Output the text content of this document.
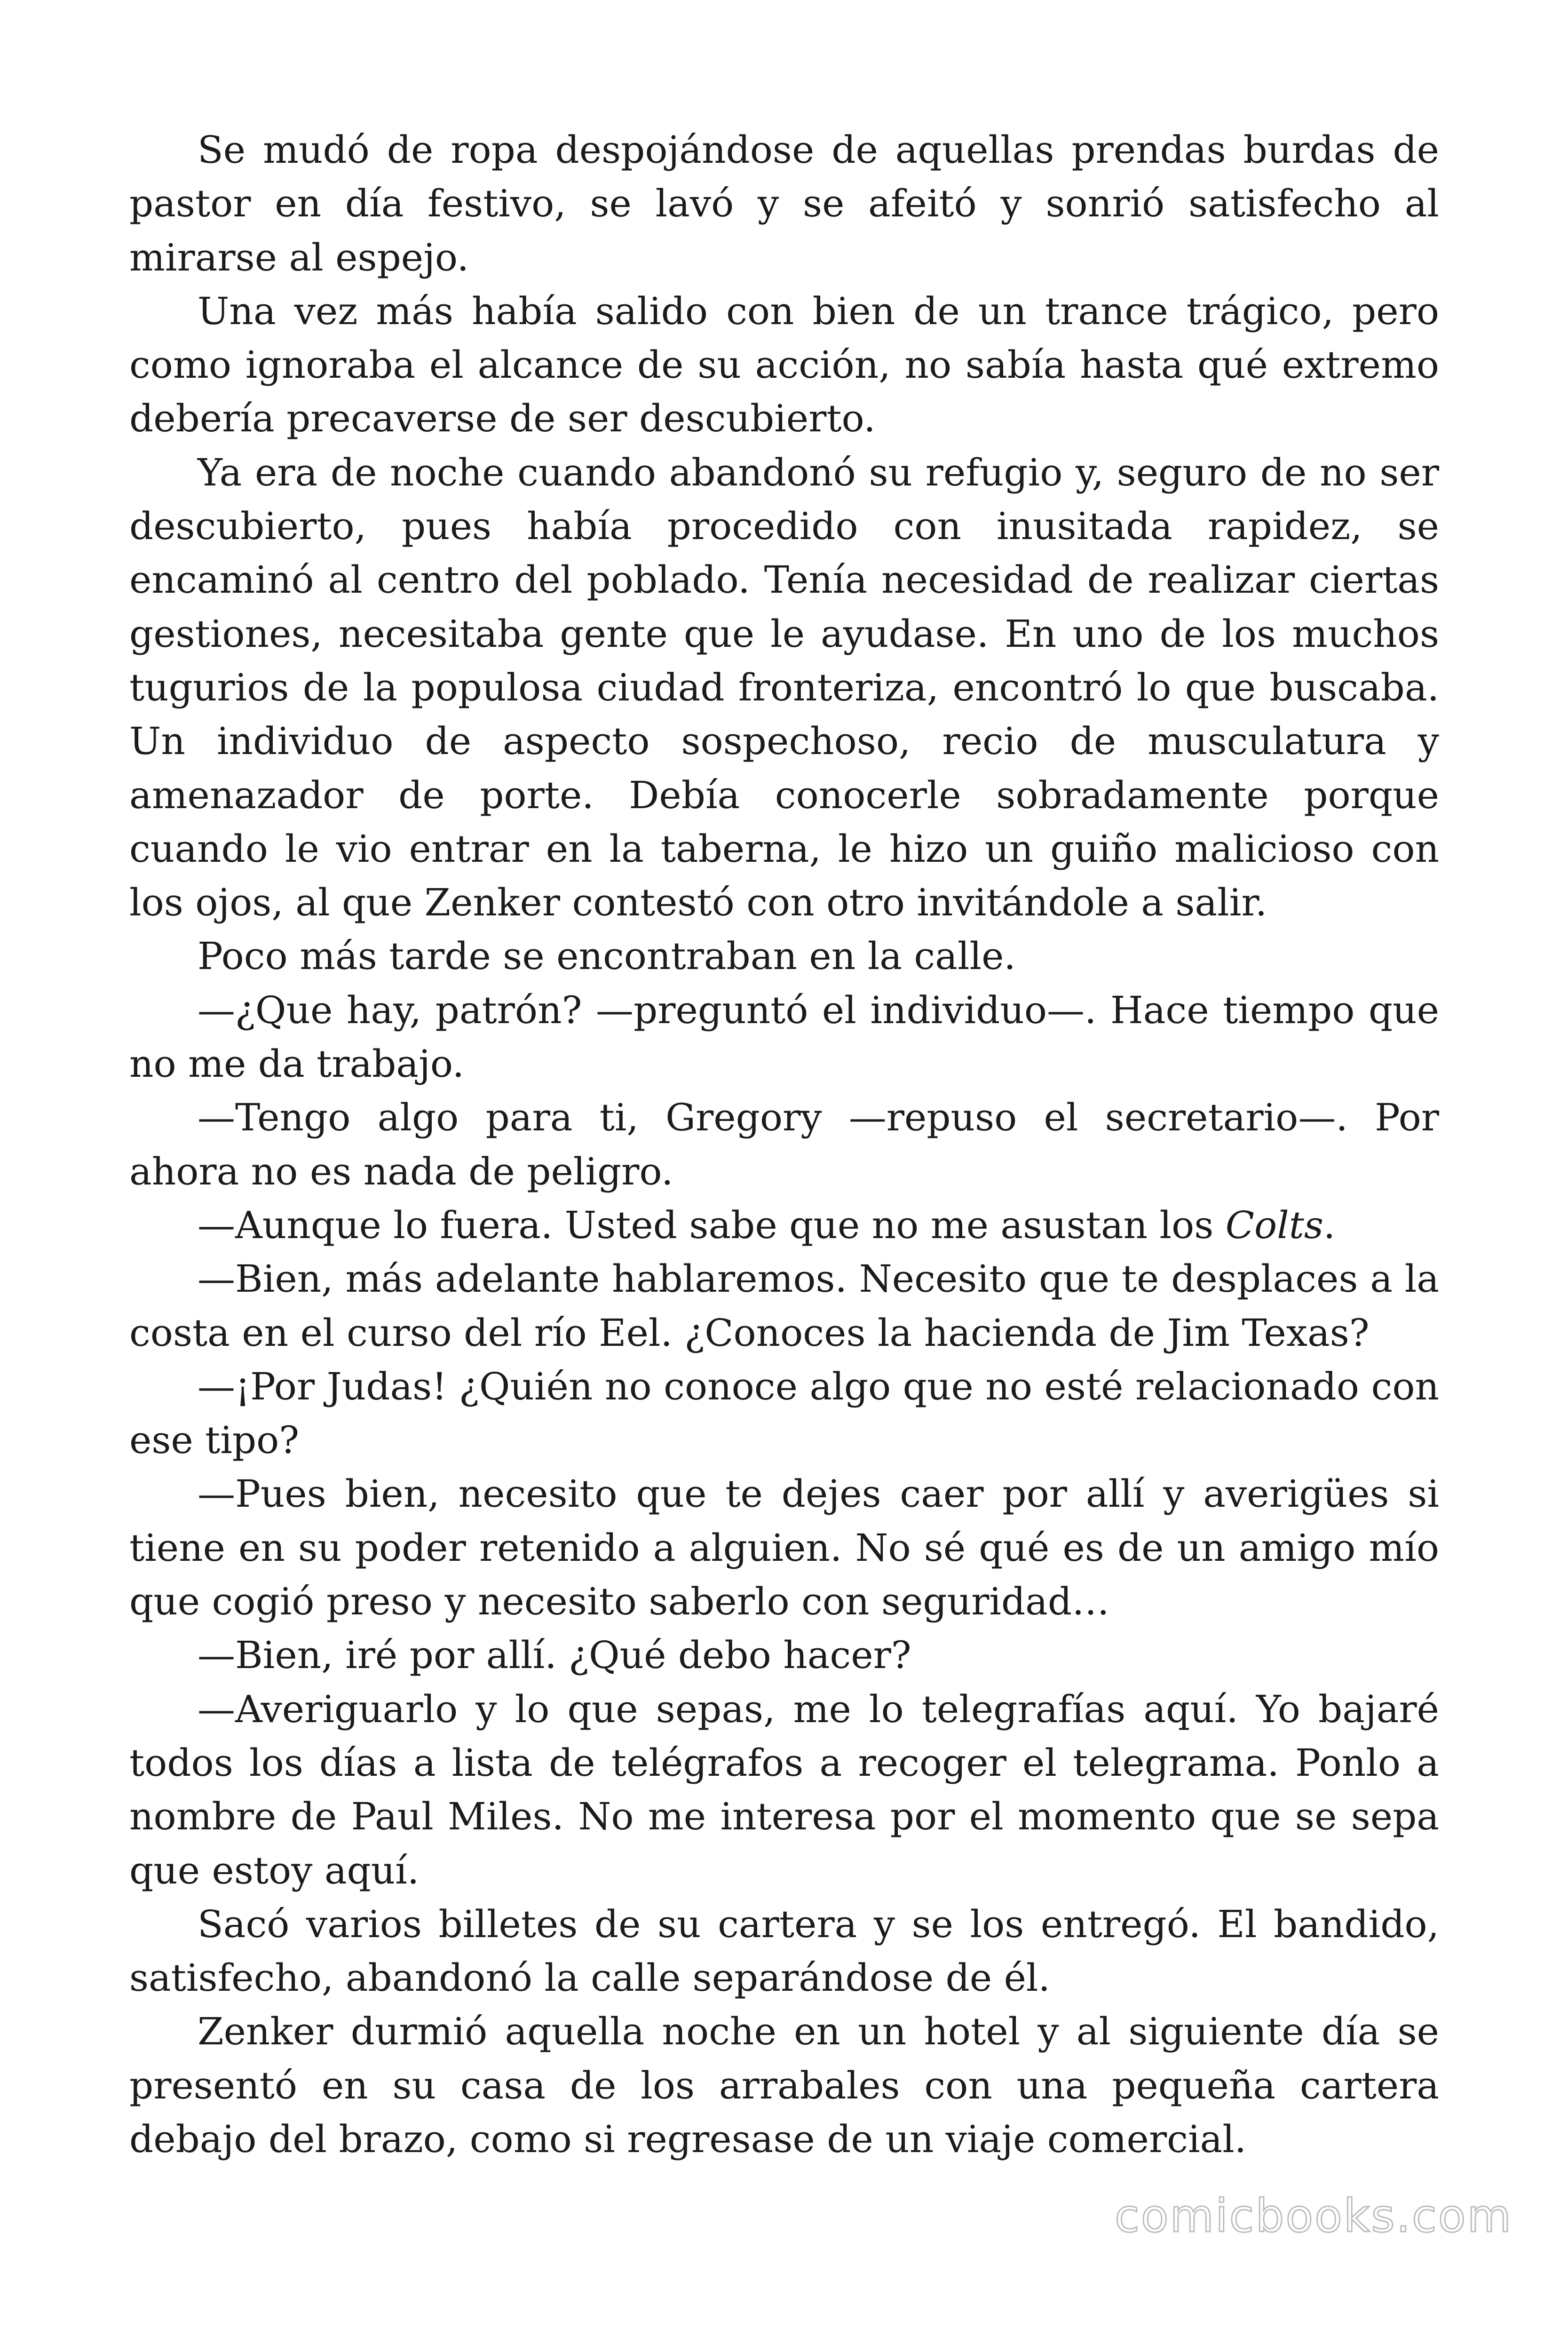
Se mudó de ropa despojándose de aquellas prendas burdas de pastor en día festivo, se lavó y se afeitó y sonrió satisfecho al mirarse al espejo.

Una vez más había salido con bien de un trance trágico, pero como ignoraba el alcance de su acción, no sabía hasta qué extremo debería precaverse de ser descubierto.

Ya era de noche cuando abandonó su refugio y, seguro de no ser descubierto, pues había procedido con inusitada rapidez, se encaminó al centro del poblado. Tenía necesidad de realizar ciertas gestiones, necesitaba gente que le ayudase. En uno de los muchos tugurios de la populosa ciudad fronteriza, encontró lo que buscaba. Un individuo de aspecto sospechoso, recio de musculatura y amenazador de porte. Debía conocerle sobradamente porque cuando le vio entrar en la taberna, le hizo un guiño malicioso con los ojos, al que Zenker contestó con otro invitándole a salir.

Poco más tarde se encontraban en la calle.

—¿Que hay, patrón? —preguntó el individuo—. Hace tiempo que no me da trabajo.

—Tengo algo para ti, Gregory —repuso el secretario—. Por ahora no es nada de peligro.

—Aunque lo fuera. Usted sabe que no me asustan los Colts.

—Bien, más adelante hablaremos. Necesito que te desplaces a la costa en el curso del río Eel. ¿Conoces la hacienda de Jim Texas?

—¡Por Judas! ¿Quién no conoce algo que no esté relacionado con ese tipo?

—Pues bien, necesito que te dejes caer por allí y averigües si tiene en su poder retenido a alguien. No sé qué es de un amigo mío que cogió preso y necesito saberlo con seguridad…

—Bien, iré por allí. ¿Qué debo hacer?

—Averiguarlo y lo que sepas, me lo telegrafías aquí. Yo bajaré todos los días a lista de telégrafos a recoger el telegrama. Ponlo a nombre de Paul Miles. No me interesa por el momento que se sepa que estoy aquí.

Sacó varios billetes de su cartera y se los entregó. El bandido, satisfecho, abandonó la calle separándose de él.

Zenker durmió aquella noche en un hotel y al siguiente día se presentó en su casa de los arrabales con una pequeña cartera debajo del brazo, como si regresase de un viaje comercial.

comicbooks.com
